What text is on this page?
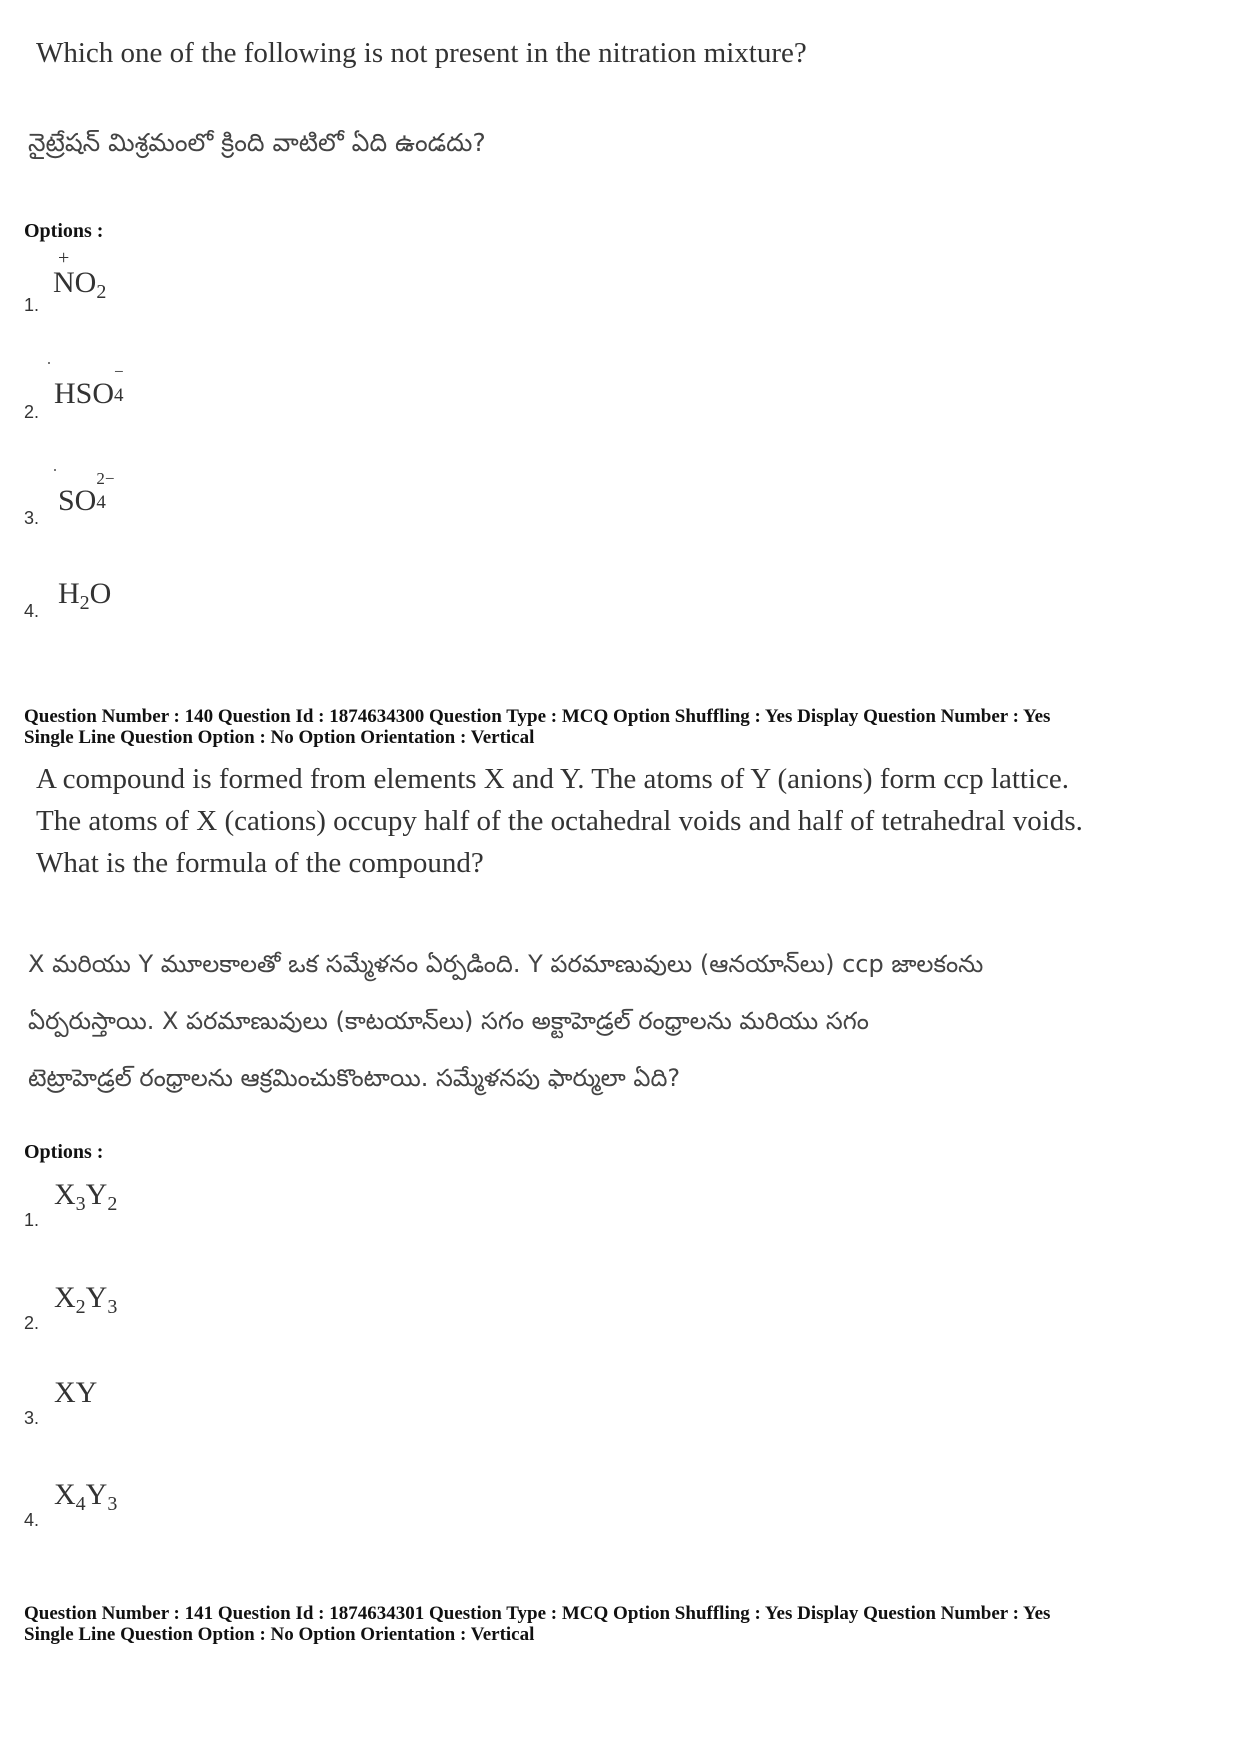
Which one of the following is not present in the nitration mixture?
నైట్రేషన్ మిశ్రమంలో క్రింది వాటిలో ఏది ఉండదు?
Options :
+
1.
$NO_2$
2.
HSO
−
4
3.
SO
2−
4
4.
$H_2O$
Question Number : 140 Question Id : 1874634300 Question Type : MCQ Option Shuffling : Yes Display Question Number : Yes
Single Line Question Option : No Option Orientation : Vertical
A compound is formed from elements X and Y. The atoms of Y (anions) form ccp lattice.
The atoms of X (cations) occupy half of the octahedral voids and half of tetrahedral voids.
What is the formula of the compound?
X మరియు Y మూలకాలతో ఒక సమ్మేళనం ఏర్పడింది. Y పరమాణువులు (ఆనయాన్‌లు) ccp జాలకంను
ఏర్పరుస్తాయి. X పరమాణువులు (కాటయాన్‌లు) సగం అక్టాహెడ్రల్ రంధ్రాలను మరియు సగం
టెట్రాహెడ్రల్ రంధ్రాలను ఆక్రమించుకొంటాయి. సమ్మేళనపు ఫార్ములా ఏది?
Options :
1.
$X_3Y_2$
2.
$X_2Y_3$
3.
XY
4.
$X_4Y_3$
Question Number : 141 Question Id : 1874634301 Question Type : MCQ Option Shuffling : Yes Display Question Number : Yes
Single Line Question Option : No Option Orientation : Vertical
